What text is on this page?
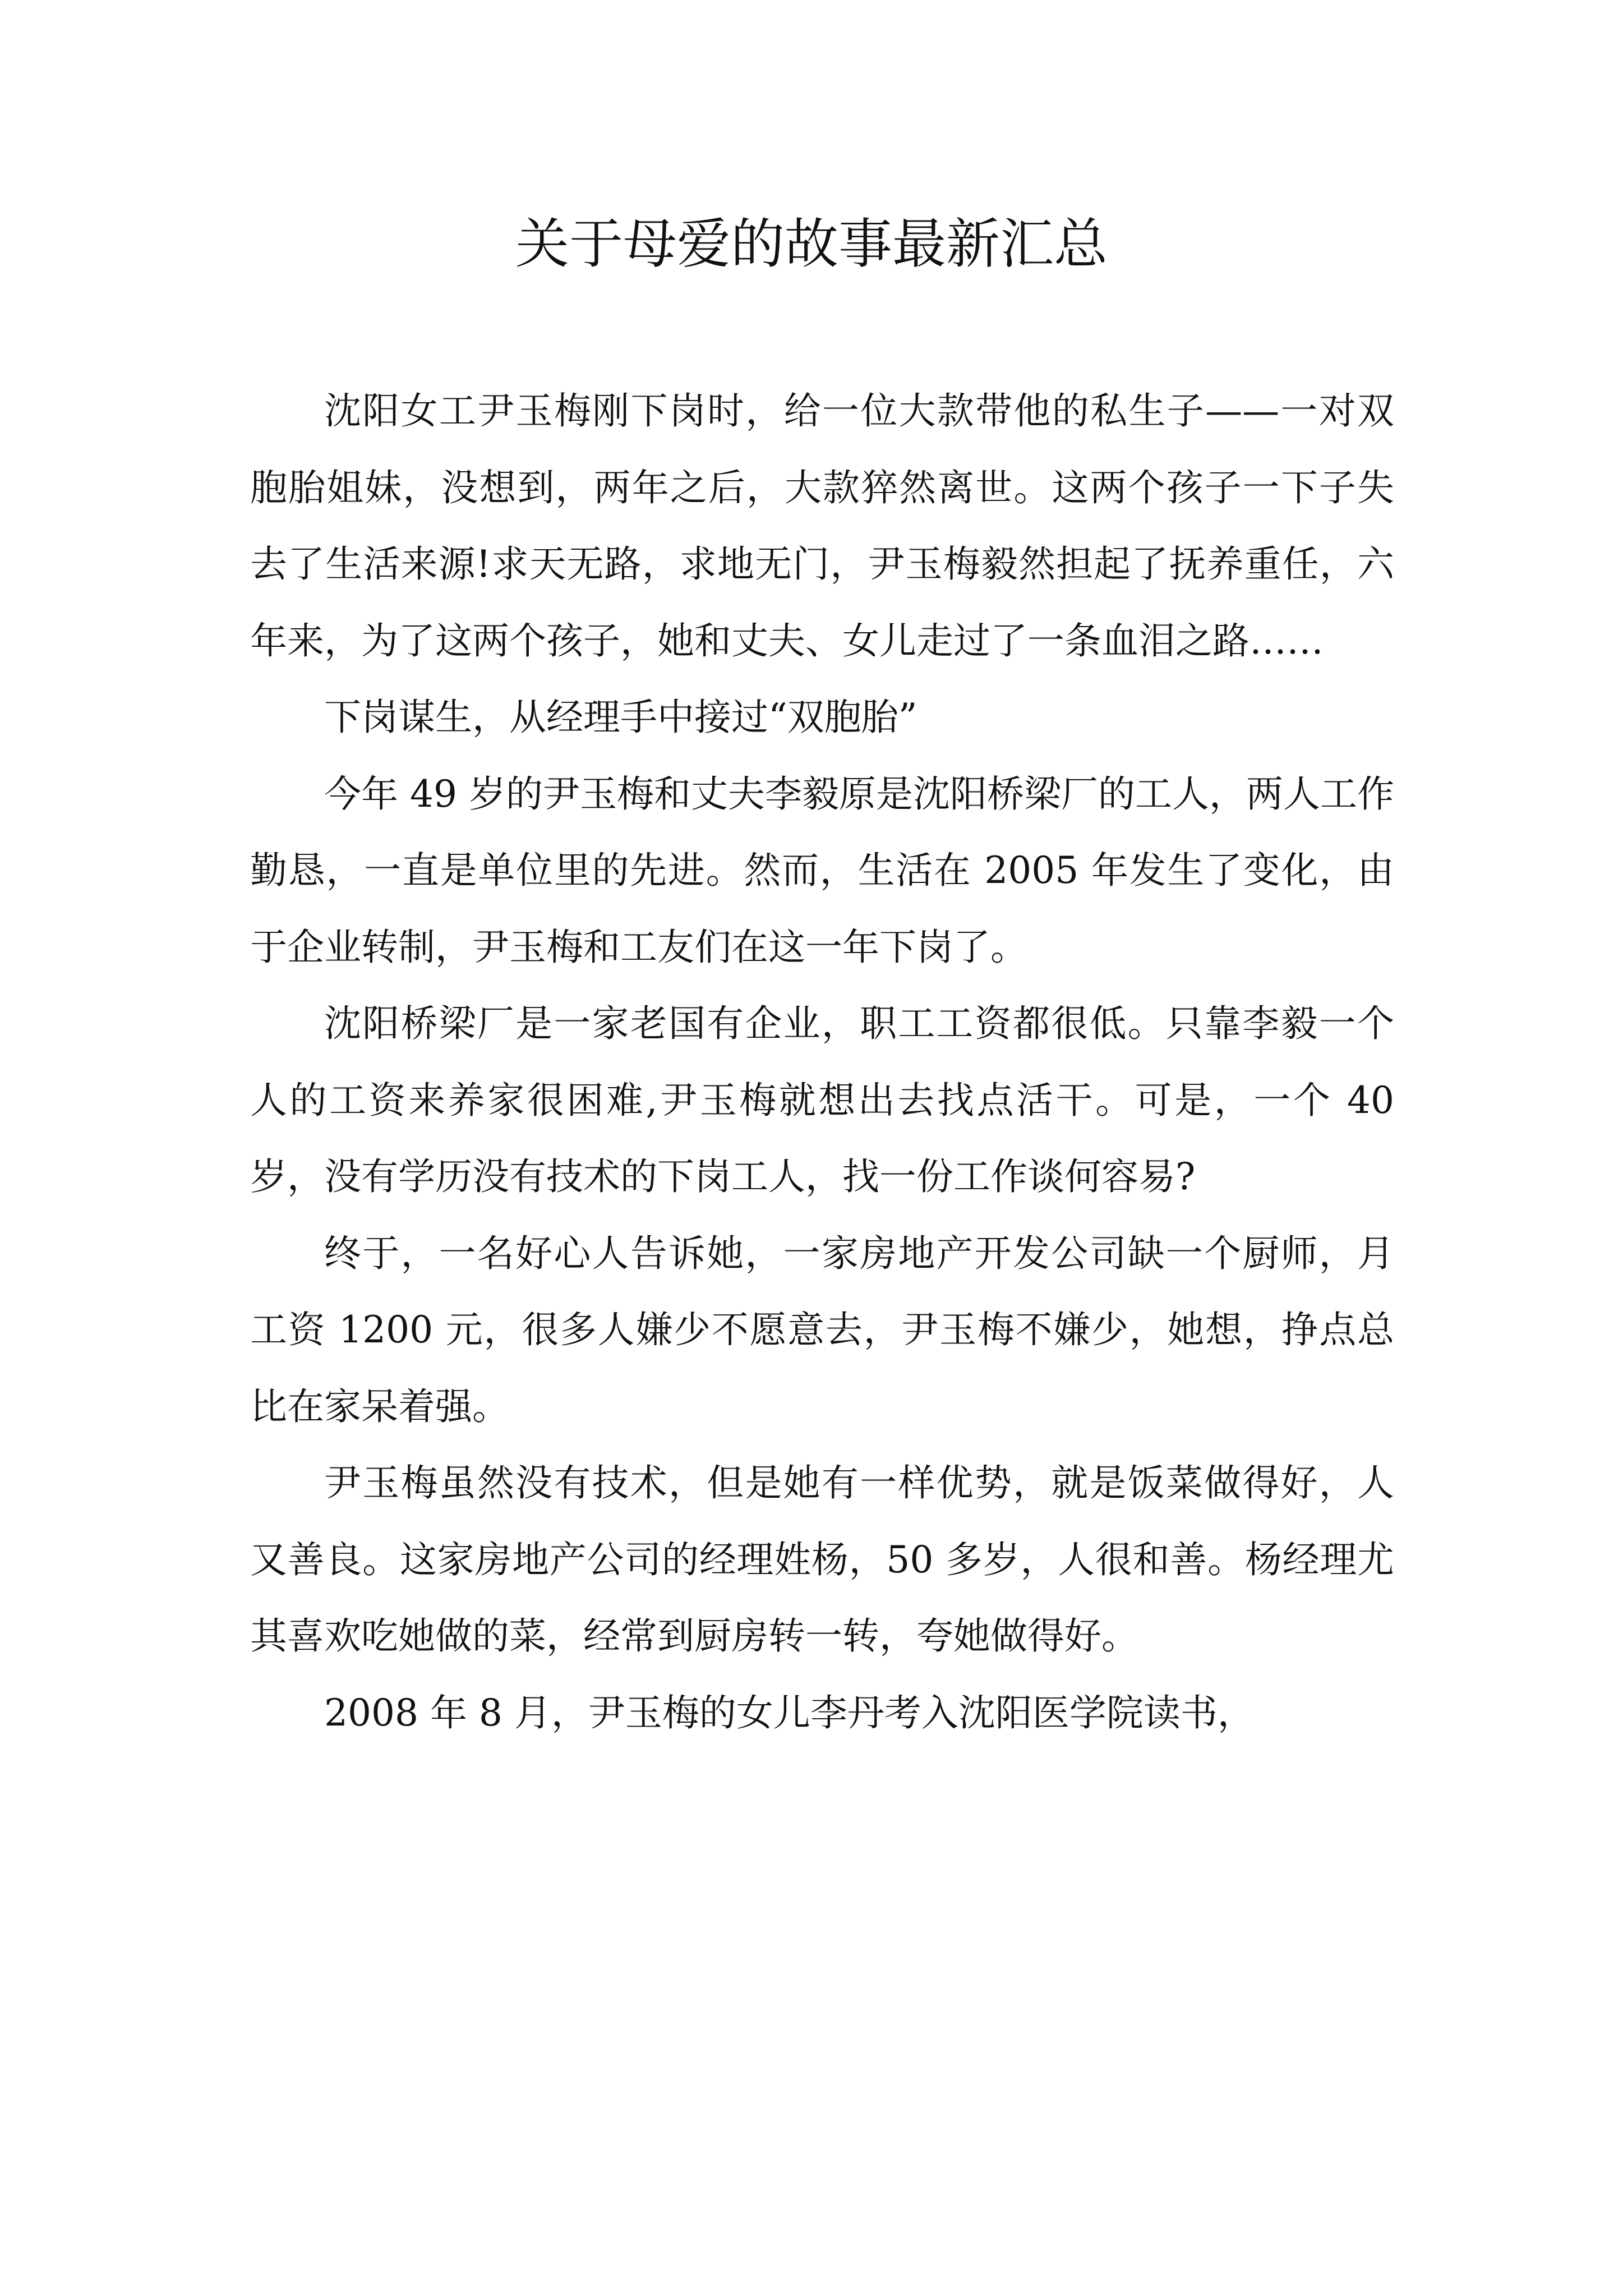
关于母爱的故事最新汇总

沈阳女工尹玉梅刚下岗时，给一位大款带他的私生子——一对双胞胎姐妹，没想到，两年之后，大款猝然离世。这两个孩子一下子失去了生活来源!求天无路，求地无门，尹玉梅毅然担起了抚养重任，六年来，为了这两个孩子，她和丈夫、女儿走过了一条血泪之路……

下岗谋生，从经理手中接过“双胞胎”

今年 49 岁的尹玉梅和丈夫李毅原是沈阳桥梁厂的工人，两人工作勤恳，一直是单位里的先进。然而，生活在 2005 年发生了变化，由于企业转制，尹玉梅和工友们在这一年下岗了。

沈阳桥梁厂是一家老国有企业，职工工资都很低。只靠李毅一个人的工资来养家很困难,尹玉梅就想出去找点活干。可是，一个 40 岁，没有学历没有技术的下岗工人，找一份工作谈何容易?

终于，一名好心人告诉她，一家房地产开发公司缺一个厨师，月工资 1200 元，很多人嫌少不愿意去，尹玉梅不嫌少，她想，挣点总比在家呆着强。

尹玉梅虽然没有技术，但是她有一样优势，就是饭菜做得好，人又善良。这家房地产公司的经理姓杨，50 多岁，人很和善。杨经理尤其喜欢吃她做的菜，经常到厨房转一转，夸她做得好。

2008 年 8 月，尹玉梅的女儿李丹考入沈阳医学院读书，
